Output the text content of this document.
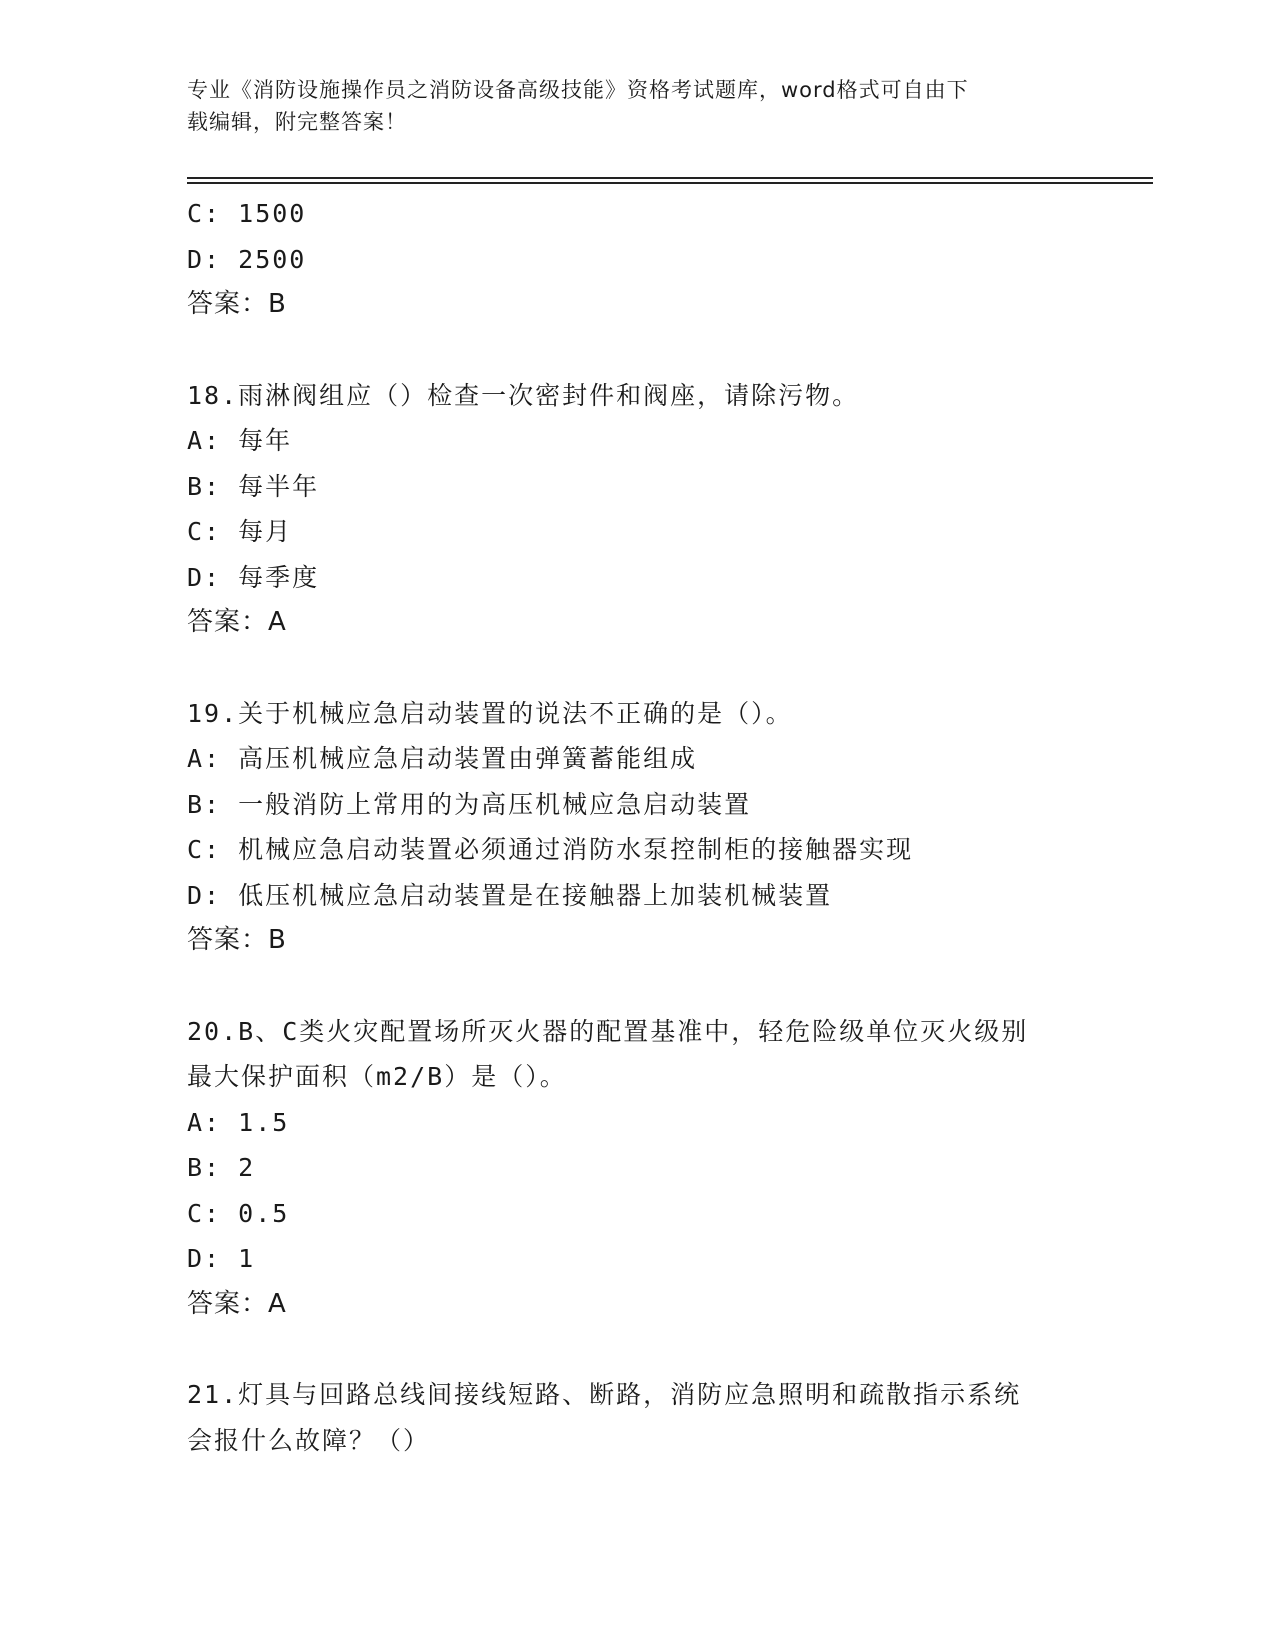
专业《消防设施操作员之消防设备高级技能》资格考试题库，word格式可自由下
载编辑，附完整答案！
C: 1500
D: 2500
答案：B
18.雨淋阀组应（）检查一次密封件和阀座，请除污物。
A: 每年
B: 每半年
C: 每月
D: 每季度
答案：A
19.关于机械应急启动装置的说法不正确的是（）。
A: 高压机械应急启动装置由弹簧蓄能组成
B: 一般消防上常用的为高压机械应急启动装置
C: 机械应急启动装置必须通过消防水泵控制柜的接触器实现
D: 低压机械应急启动装置是在接触器上加装机械装置
答案：B
20.B、C类火灾配置场所灭火器的配置基准中，轻危险级单位灭火级别
最大保护面积（m2/B）是（）。
A: 1.5
B: 2
C: 0.5
D: 1
答案：A
21.灯具与回路总线间接线短路、断路，消防应急照明和疏散指示系统
会报什么故障？（）
